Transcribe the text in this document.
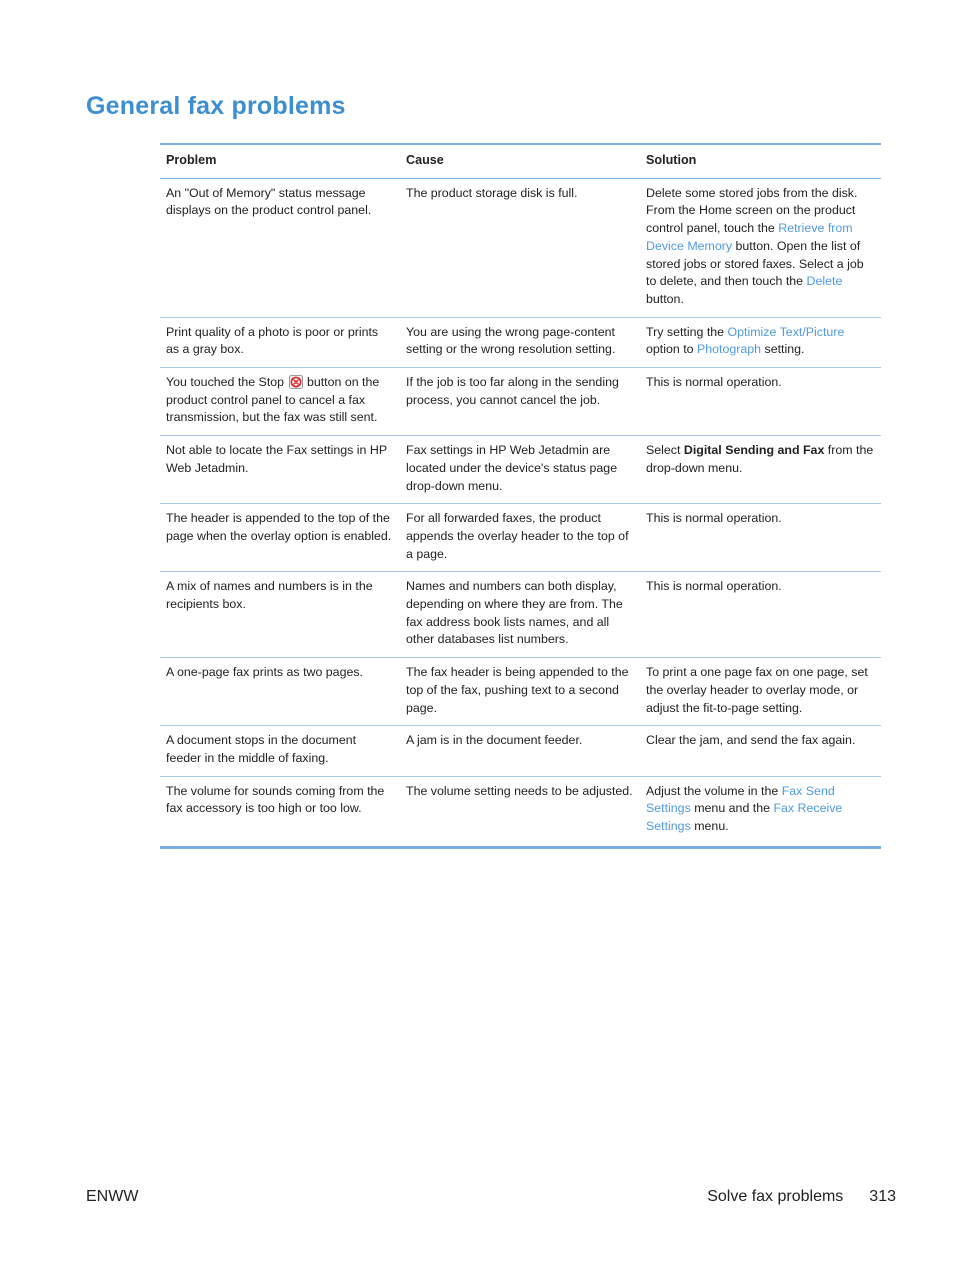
General fax problems
Problem	Cause	Solution
An "Out of Memory" status message displays on the product control panel.	The product storage disk is full.	Delete some stored jobs from the disk. From the Home screen on the product control panel, touch the Retrieve from Device Memory button. Open the list of stored jobs or stored faxes. Select a job to delete, and then touch the Delete button.
Print quality of a photo is poor or prints as a gray box.	You are using the wrong page-content setting or the wrong resolution setting.	Try setting the Optimize Text/Picture option to Photograph setting.
You touched the Stop  button on the product control panel to cancel a fax transmission, but the fax was still sent.	If the job is too far along in the sending process, you cannot cancel the job.	This is normal operation.
Not able to locate the Fax settings in HP Web Jetadmin.	Fax settings in HP Web Jetadmin are located under the device's status page drop-down menu.	Select Digital Sending and Fax from the drop-down menu.
The header is appended to the top of the page when the overlay option is enabled.	For all forwarded faxes, the product appends the overlay header to the top of a page.	This is normal operation.
A mix of names and numbers is in the recipients box.	Names and numbers can both display, depending on where they are from. The fax address book lists names, and all other databases list numbers.	This is normal operation.
A one-page fax prints as two pages.	The fax header is being appended to the top of the fax, pushing text to a second page.	To print a one page fax on one page, set the overlay header to overlay mode, or adjust the fit-to-page setting.
A document stops in the document feeder in the middle of faxing.	A jam is in the document feeder.	Clear the jam, and send the fax again.
The volume for sounds coming from the fax accessory is too high or too low.	The volume setting needs to be adjusted.	Adjust the volume in the Fax Send Settings menu and the Fax Receive Settings menu.
ENWW	Solve fax problems 313
